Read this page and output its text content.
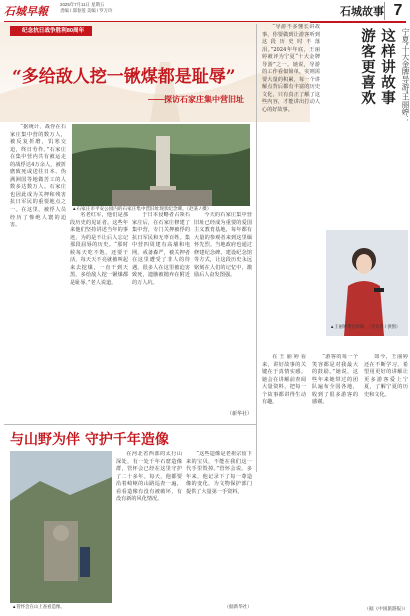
石城早報
2025年7月11日 星期五
责编 / 邵春莲 美编 / 罗万玲	石城故事 7
纪念抗日战争胜利80周年
“多给敌人挖一锹煤都是耻辱”
——探访石家庄集中营旧址

“据统计，战俘在石家庄集中营的数万人，被反复折磨，饥寒交迫，终日劳作。”石家庄在集中营内共有被运走的战俘达4万余人，被折磨致死或送往日本、伪满洲国等地做苦工的人数多达数万人。石家庄也因此成为关押和残害抗日军民的重要地点之一。在这里，被俘人员经历了惨绝人寰的迫害。

▲石家庄市平安公园内的石家庄集中营旧址现状纪念碑。（赵某 / 摄）

名老红军，他们是那段历史的见证者。这些年来他们坚持讲述当年的事迹，为的是不让后人忘记那段屈辱的历史。“那时候每天吃不饱，还要干活，每天天不亮就被叫起来去挖煤，一直干到天黑，多给敌人挖一锹煤都是耻辱。”老人说道。

于日本侵略者占领石家庄后，在石家庄修建了集中营，专门关押被俘的抗日军民和无辜百姓。集中营四周建有高墙和电网，戒备森严，被关押者在这里遭受了非人的待遇。很多人在这里被迫害致死，遗骸被抛弃在附近的万人坑。

今天的石家庄集中营旧址已经成为重要的爱国主义教育基地，每年都有大量的参观者来到这里缅怀先烈。当地政府也通过修建纪念碑、建设纪念馆等方式，让这段历史永远铭刻在人们的记忆中，激励后人奋发图强。

（新华社）
这样讲故事
游客更喜欢	宁夏“十大金牌导游”王丽婷：

“导游不多懂长讲故事，你要做到让游客听到这段历史时不落泪。”2024年年底，王丽婷被评为宁夏“十大金牌导游”之一。她说，导游的工作看似简单，实则需要大量的积累，每一个讲解点背后都有丰富的历史文化，只有真正了解了这些内容，才能讲出打动人心的好故事。

▲王丽婷带团讲解。（受访者 / 供图）

在王丽婷看来，讲好故事的关键在于真情实感。她会在讲解前查阅大量资料，把每一个故事都讲得生动有趣。

“游客的每一个笑容都是对我最大的鼓励。”她说，这些年来她带过的团队遍布全国各地，收到了很多游客的感谢。

如今，王丽婷还在不断学习，希望用更好的讲解让更多游客爱上宁夏，了解宁夏的历史和文化。

（据《中国旅游报》）
与山野为伴 守护千年造像
▲管怀会在山上查看造像。

在河北省西部的太行山深处，有一处千年石窟造像群，管怀会已经在这里守护了二十多年。每天，他都要沿着崎岖的山路巡查一遍，看看造像有没有被破坏，有没有新的风化情况。

“这些造像是老祖宗留下来的宝贝，不能在我们这一代手里毁掉。”管怀会说。多年来，他记录下了每一尊造像的变化，为文物保护部门提供了大量第一手资料。

（据新华社）
